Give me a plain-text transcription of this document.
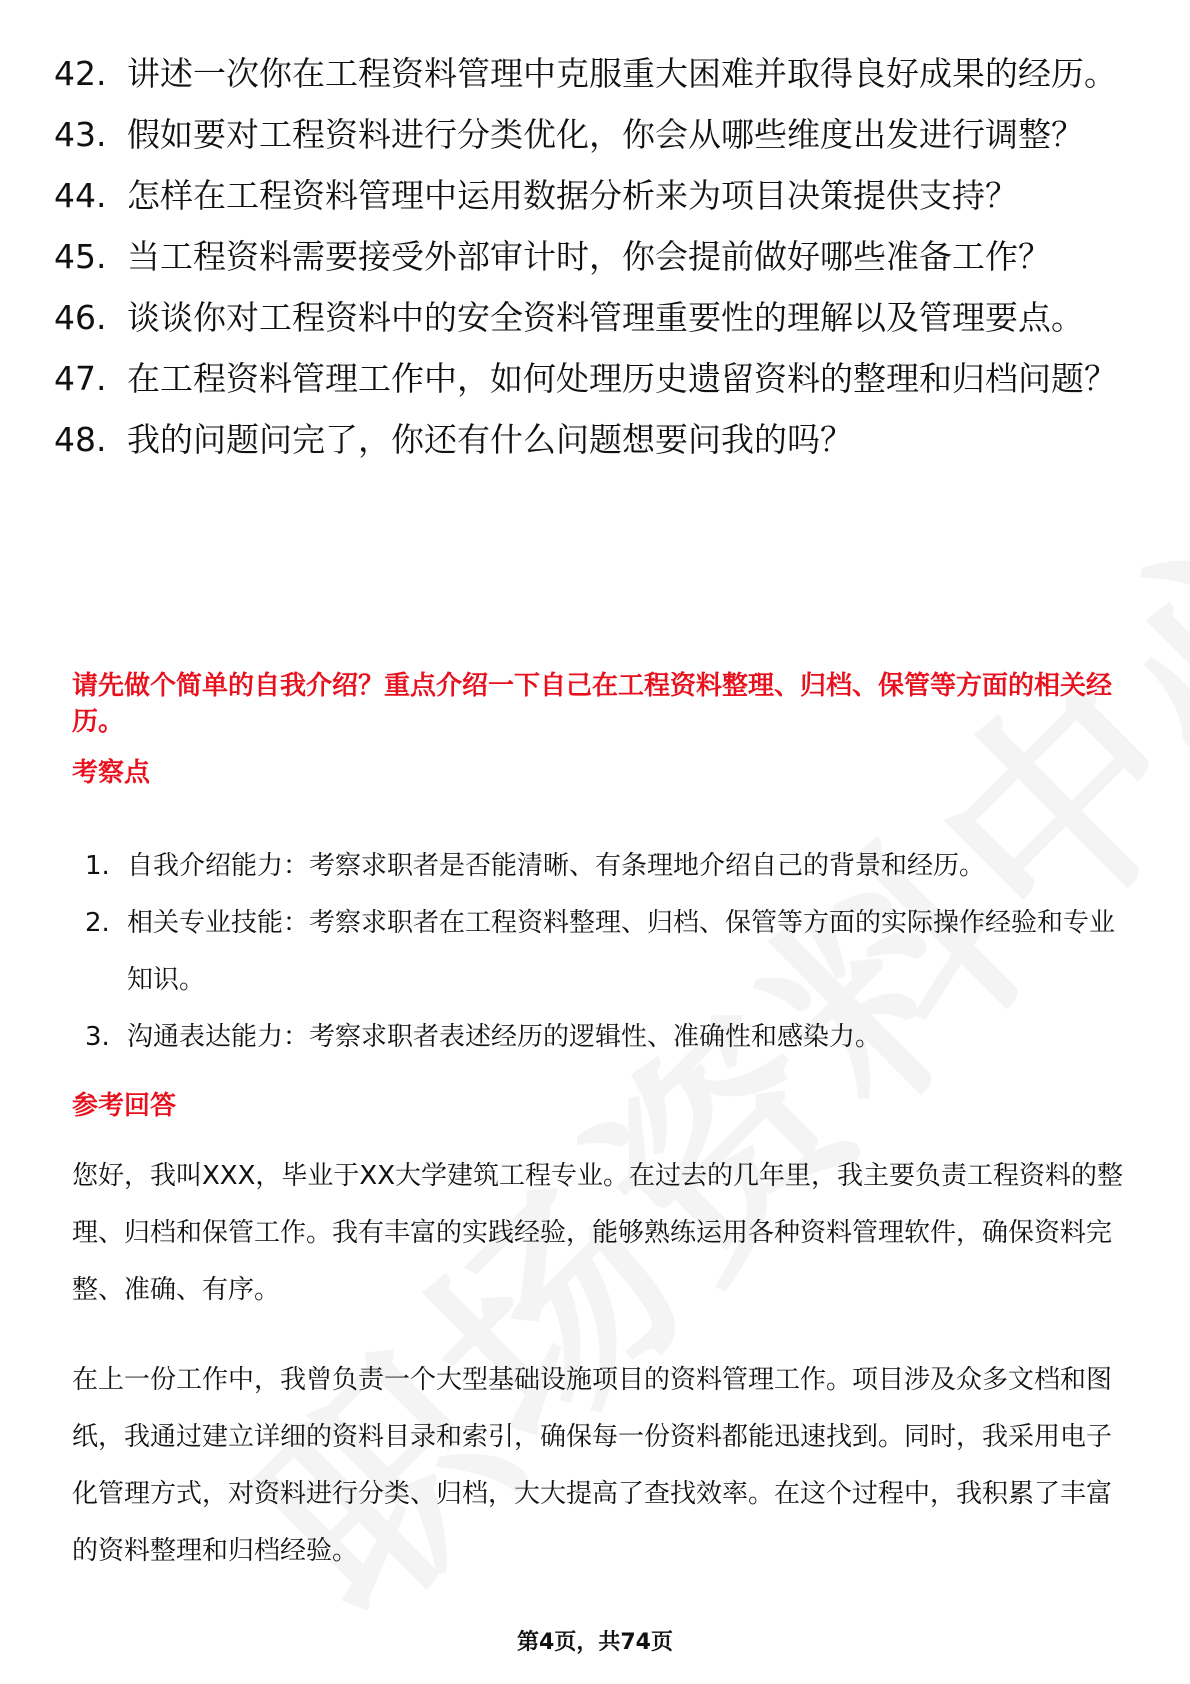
42. 讲述一次你在工程资料管理中克服重大困难并取得良好成果的经历。
43. 假如要对工程资料进行分类优化，你会从哪些维度出发进行调整？
44. 怎样在工程资料管理中运用数据分析来为项目决策提供支持？
45. 当工程资料需要接受外部审计时，你会提前做好哪些准备工作？
46. 谈谈你对工程资料中的安全资料管理重要性的理解以及管理要点。
47. 在工程资料管理工作中，如何处理历史遗留资料的整理和归档问题？
48. 我的问题问完了，你还有什么问题想要问我的吗？
请先做个简单的自我介绍？重点介绍一下自己在工程资料整理、归档、保管等方面的相关经历。
考察点
1. 自我介绍能力：考察求职者是否能清晰、有条理地介绍自己的背景和经历。
2. 相关专业技能：考察求职者在工程资料整理、归档、保管等方面的实际操作经验和专业知识。
3. 沟通表达能力：考察求职者表述经历的逻辑性、准确性和感染力。
参考回答
您好，我叫XXX，毕业于XX大学建筑工程专业。在过去的几年里，我主要负责工程资料的整理、归档和保管工作。我有丰富的实践经验，能够熟练运用各种资料管理软件，确保资料完整、准确、有序。
在上一份工作中，我曾负责一个大型基础设施项目的资料管理工作。项目涉及众多文档和图纸，我通过建立详细的资料目录和索引，确保每一份资料都能迅速找到。同时，我采用电子化管理方式，对资料进行分类、归档，大大提高了查找效率。在这个过程中，我积累了丰富的资料整理和归档经验。
第4页，共74页
